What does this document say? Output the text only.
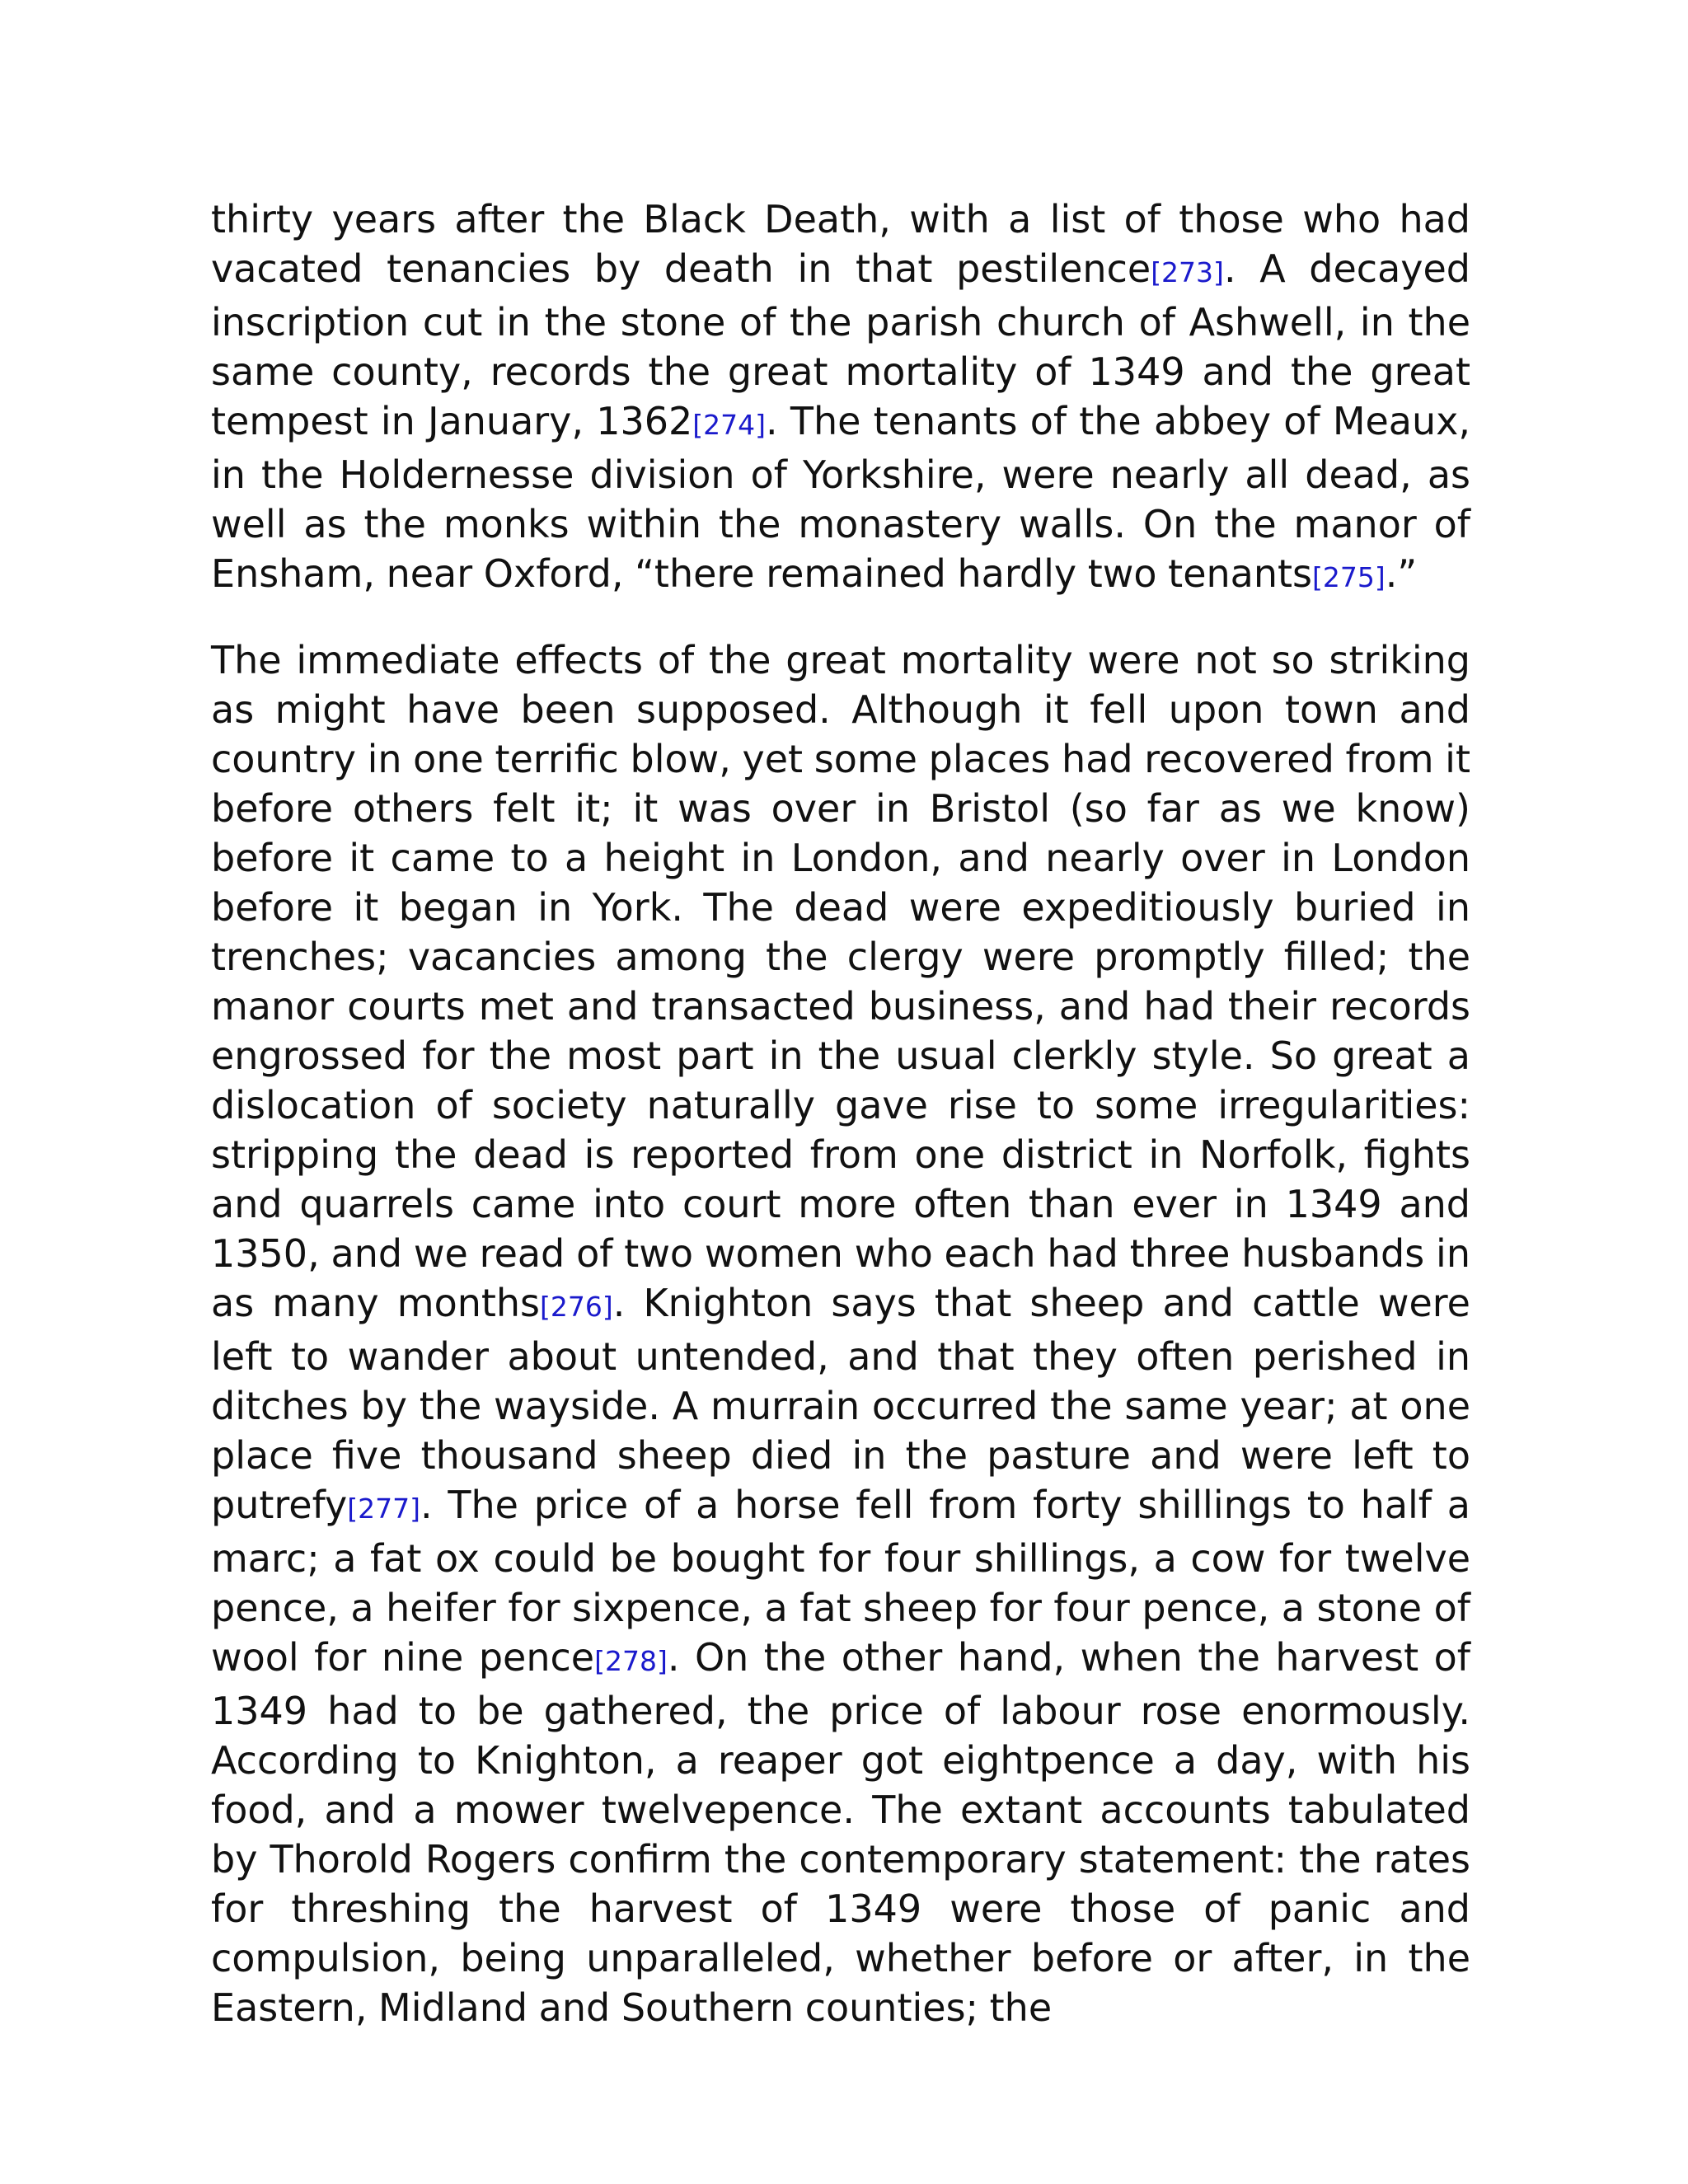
thirty years after the Black Death, with a list of those who had vacated tenancies by death in that pestilence[273]. A decayed inscription cut in the stone of the parish church of Ashwell, in the same county, records the great mortality of 1349 and the great tempest in January, 1362[274]. The tenants of the abbey of Meaux, in the Holdernesse division of Yorkshire, were nearly all dead, as well as the monks within the monastery walls. On the manor of Ensham, near Oxford, “there remained hardly two tenants[275].”

The immediate effects of the great mortality were not so striking as might have been supposed. Although it fell upon town and country in one terrific blow, yet some places had recovered from it before others felt it; it was over in Bristol (so far as we know) before it came to a height in London, and nearly over in London before it began in York. The dead were expeditiously buried in trenches; vacancies among the clergy were promptly filled; the manor courts met and transacted business, and had their records engrossed for the most part in the usual clerkly style. So great a dislocation of society naturally gave rise to some irregularities: stripping the dead is reported from one district in Norfolk, fights and quarrels came into court more often than ever in 1349 and 1350, and we read of two women who each had three husbands in as many months[276]. Knighton says that sheep and cattle were left to wander about untended, and that they often perished in ditches by the wayside. A murrain occurred the same year; at one place five thousand sheep died in the pasture and were left to putrefy[277]. The price of a horse fell from forty shillings to half a marc; a fat ox could be bought for four shillings, a cow for twelve pence, a heifer for sixpence, a fat sheep for four pence, a stone of wool for nine pence[278]. On the other hand, when the harvest of 1349 had to be gathered, the price of labour rose enormously. According to Knighton, a reaper got eightpence a day, with his food, and a mower twelvepence. The extant accounts tabulated by Thorold Rogers confirm the contemporary statement: the rates for threshing the harvest of 1349 were those of panic and compulsion, being unparalleled, whether before or after, in the Eastern, Midland and Southern counties; the
